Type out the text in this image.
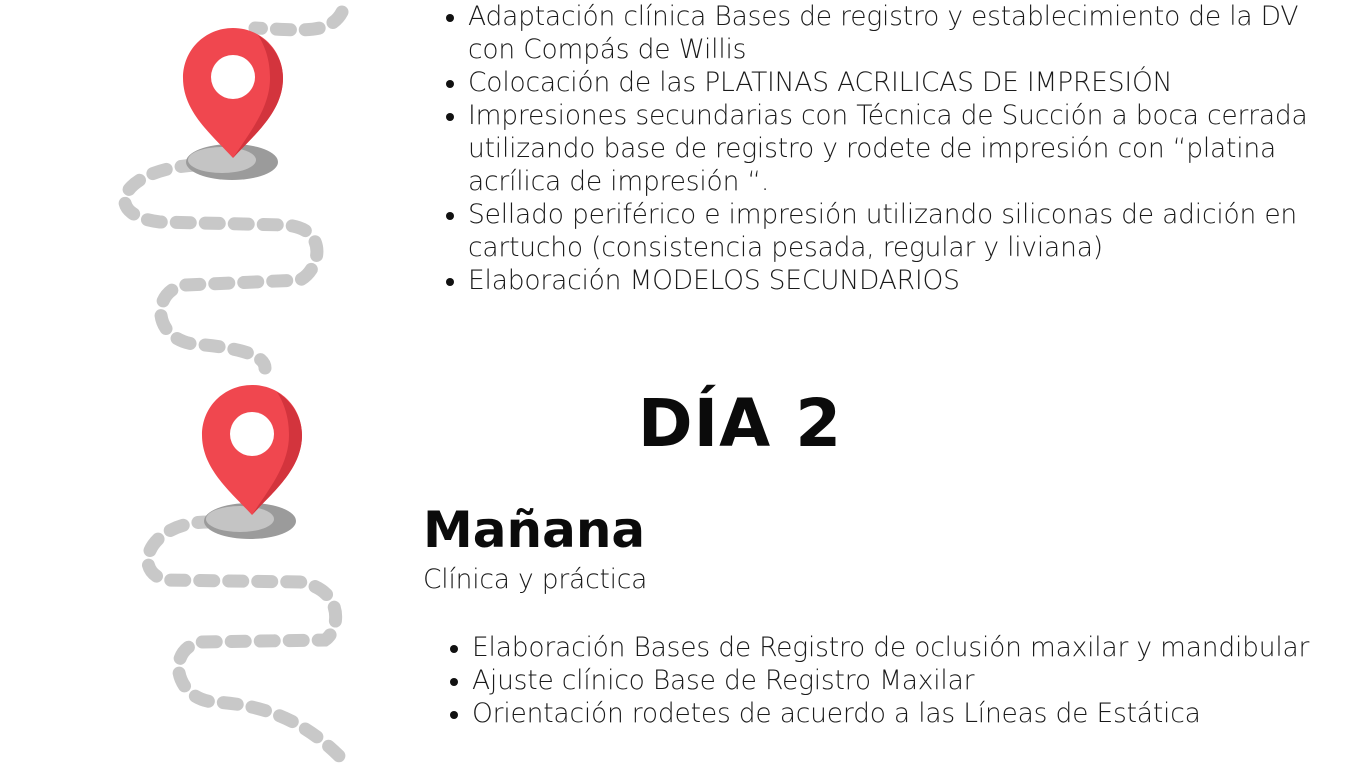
Adaptación clínica Bases de registro y establecimiento de la DV con Compás de Willis
Colocación de las PLATINAS ACRILICAS DE IMPRESIÓN
Impresiones secundarias con Técnica de Succión a boca cerrada utilizando base de registro y rodete de impresión con “platina acrílica de impresión “.
Sellado periférico e impresión utilizando siliconas de adición en cartucho (consistencia pesada, regular y liviana)
Elaboración MODELOS SECUNDARIOS
DÍA 2
Mañana
Clínica y práctica
Elaboración Bases de Registro de oclusión maxilar y mandibular
Ajuste clínico Base de Registro Maxilar
Orientación rodetes de acuerdo a las Líneas de Estática
